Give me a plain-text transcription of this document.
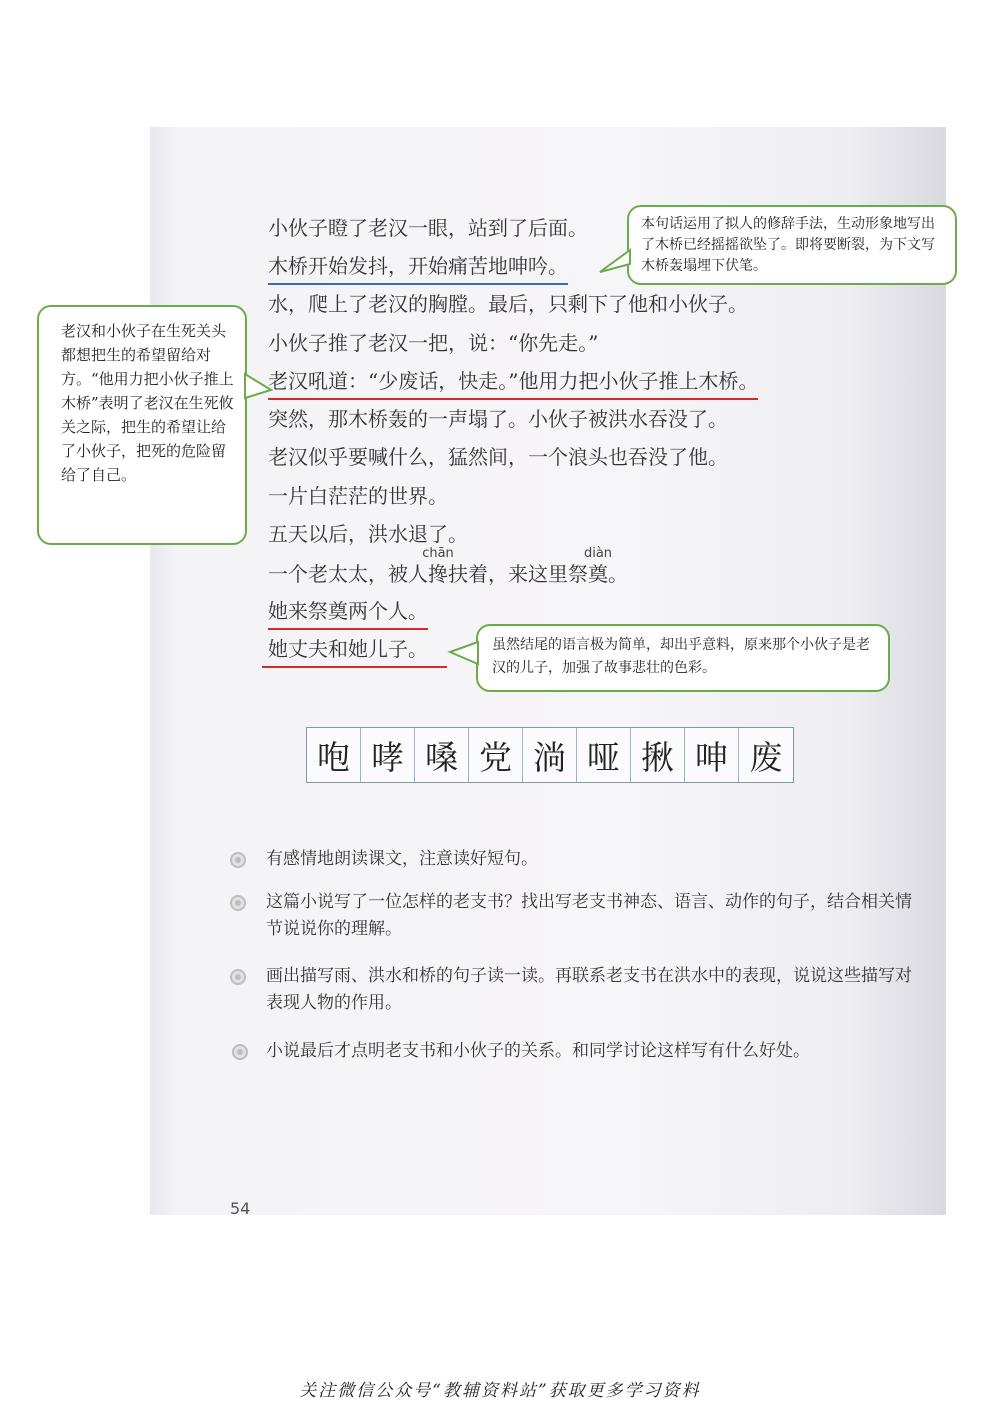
小伙子瞪了老汉一眼，站到了后面。
木桥开始发抖，开始痛苦地呻吟。
水，爬上了老汉的胸膛。最后，只剩下了他和小伙子。
小伙子推了老汉一把，说：“你先走。”
老汉吼道：“少废话，快走。”他用力把小伙子推上木桥。
突然，那木桥轰的一声塌了。小伙子被洪水吞没了。
老汉似乎要喊什么，猛然间，一个浪头也吞没了他。
一片白茫茫的世界。
五天以后，洪水退了。
一个老太太，被人
chān
搀扶着，来这里祭
diàn
奠。
她来祭奠两个人。
她丈夫和她儿子。
本句话运用了拟人的修辞手法，生动形象地写出了木桥已经摇摇欲坠了。即将要断裂，为下文写木桥轰塌埋下伏笔。
老汉和小伙子在生死关头都想把生的希望留给对方。“他用力把小伙子推上木桥”表明了老汉在生死攸关之际，把生的希望让给了小伙子，把死的危险留给了自己。
虽然结尾的语言极为简单，却出乎意料，原来那个小伙子是老汉的儿子，加强了故事悲壮的色彩。
咆 哮 嗓 党 淌 哑 揪 呻 废
有感情地朗读课文，注意读好短句。
这篇小说写了一位怎样的老支书？找出写老支书神态、语言、动作的句子，结合相关情节说说你的理解。
画出描写雨、洪水和桥的句子读一读。再联系老支书在洪水中的表现，说说这些描写对表现人物的作用。
小说最后才点明老支书和小伙子的关系。和同学讨论这样写有什么好处。
54
关注微信公众号“教辅资料站”获取更多学习资料
